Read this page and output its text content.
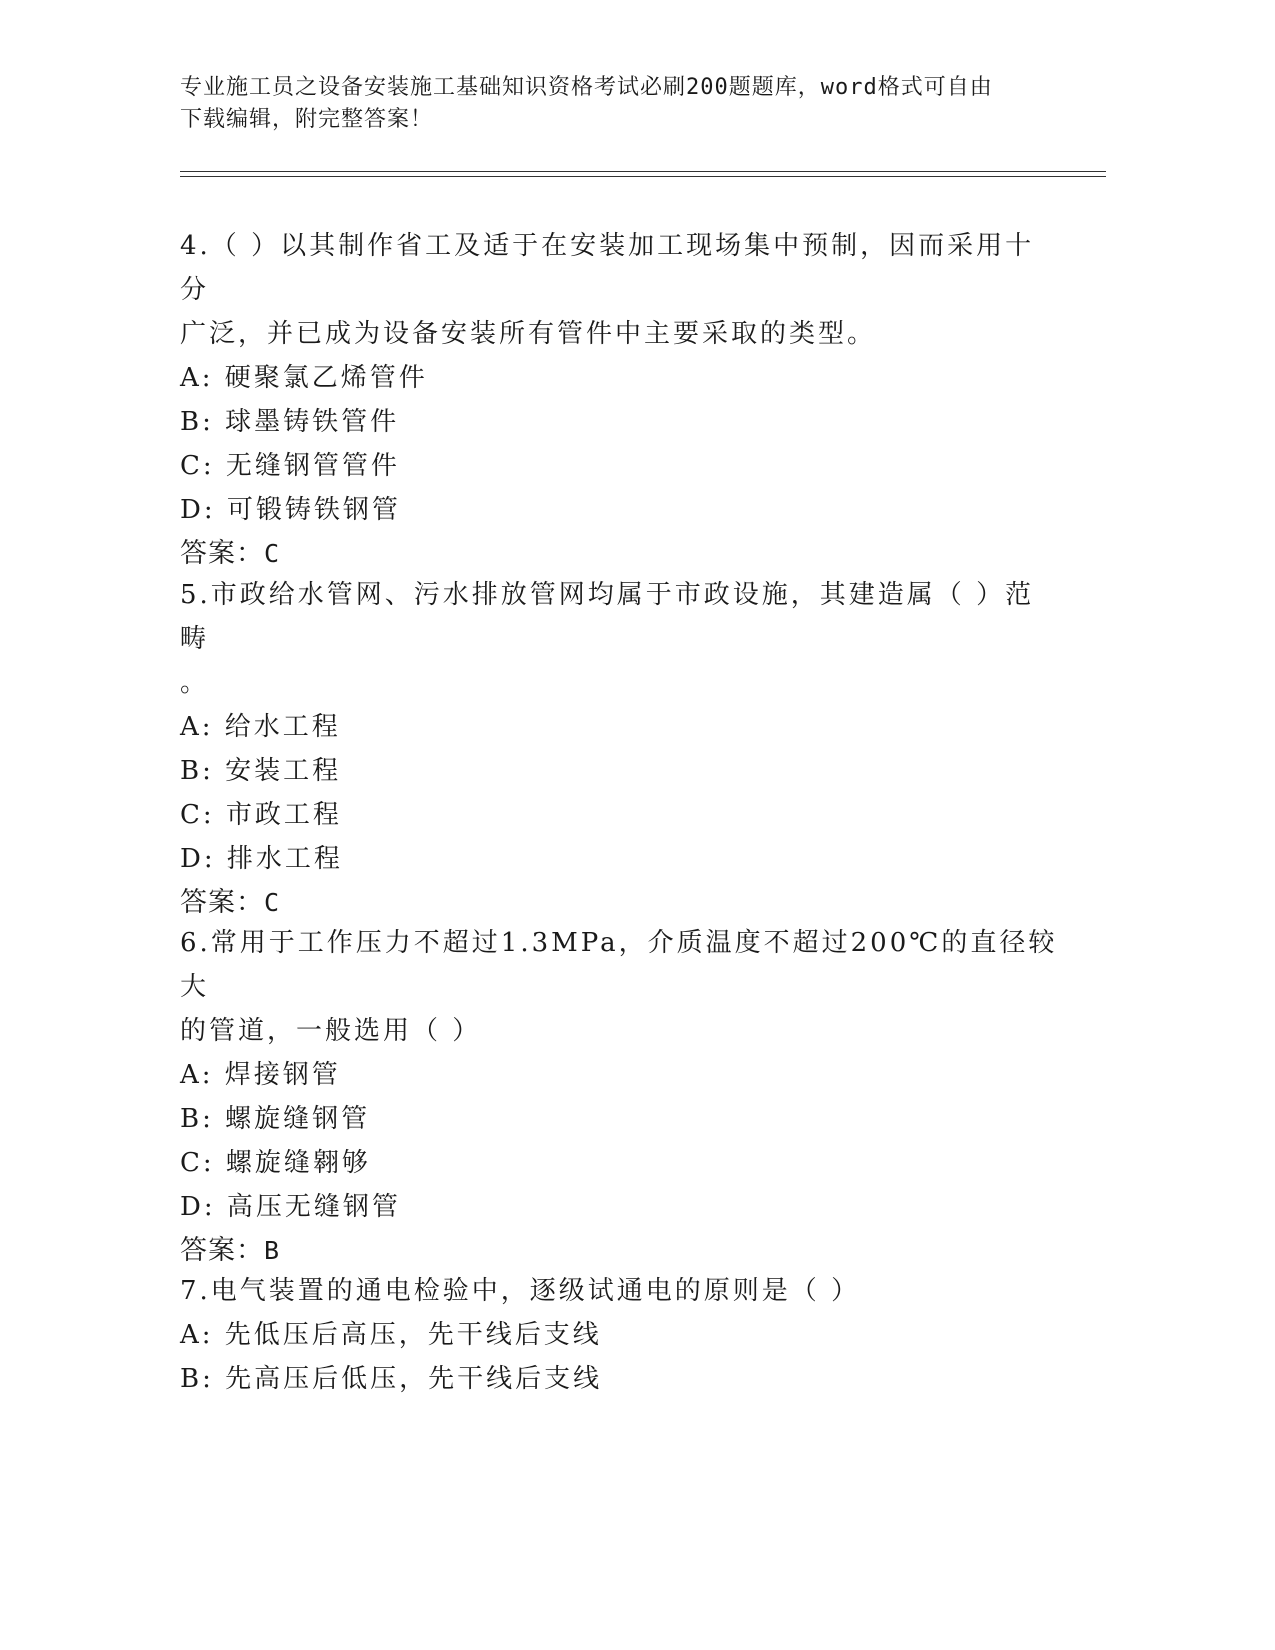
专业施工员之设备安装施工基础知识资格考试必刷200题题库，word格式可自由
下载编辑，附完整答案！

4.（ ）以其制作省工及适于在安装加工现场集中预制，因而采用十分

广泛，并已成为设备安装所有管件中主要采取的类型。

A: 硬聚氯乙烯管件

B: 球墨铸铁管件

C: 无缝钢管管件

D: 可锻铸铁钢管

答案：C

5.市政给水管网、污水排放管网均属于市政设施，其建造属（ ）范畴

。

A: 给水工程

B: 安装工程

C: 市政工程

D: 排水工程

答案：C

6.常用于工作压力不超过1.3MPa，介质温度不超过200℃的直径较大

的管道，一般选用（ ）

A: 焊接钢管

B: 螺旋缝钢管

C: 螺旋缝翱够

D: 高压无缝钢管

答案：B

7.电气装置的通电检验中，逐级试通电的原则是（ ）

A: 先低压后高压，先干线后支线

B: 先高压后低压，先干线后支线
